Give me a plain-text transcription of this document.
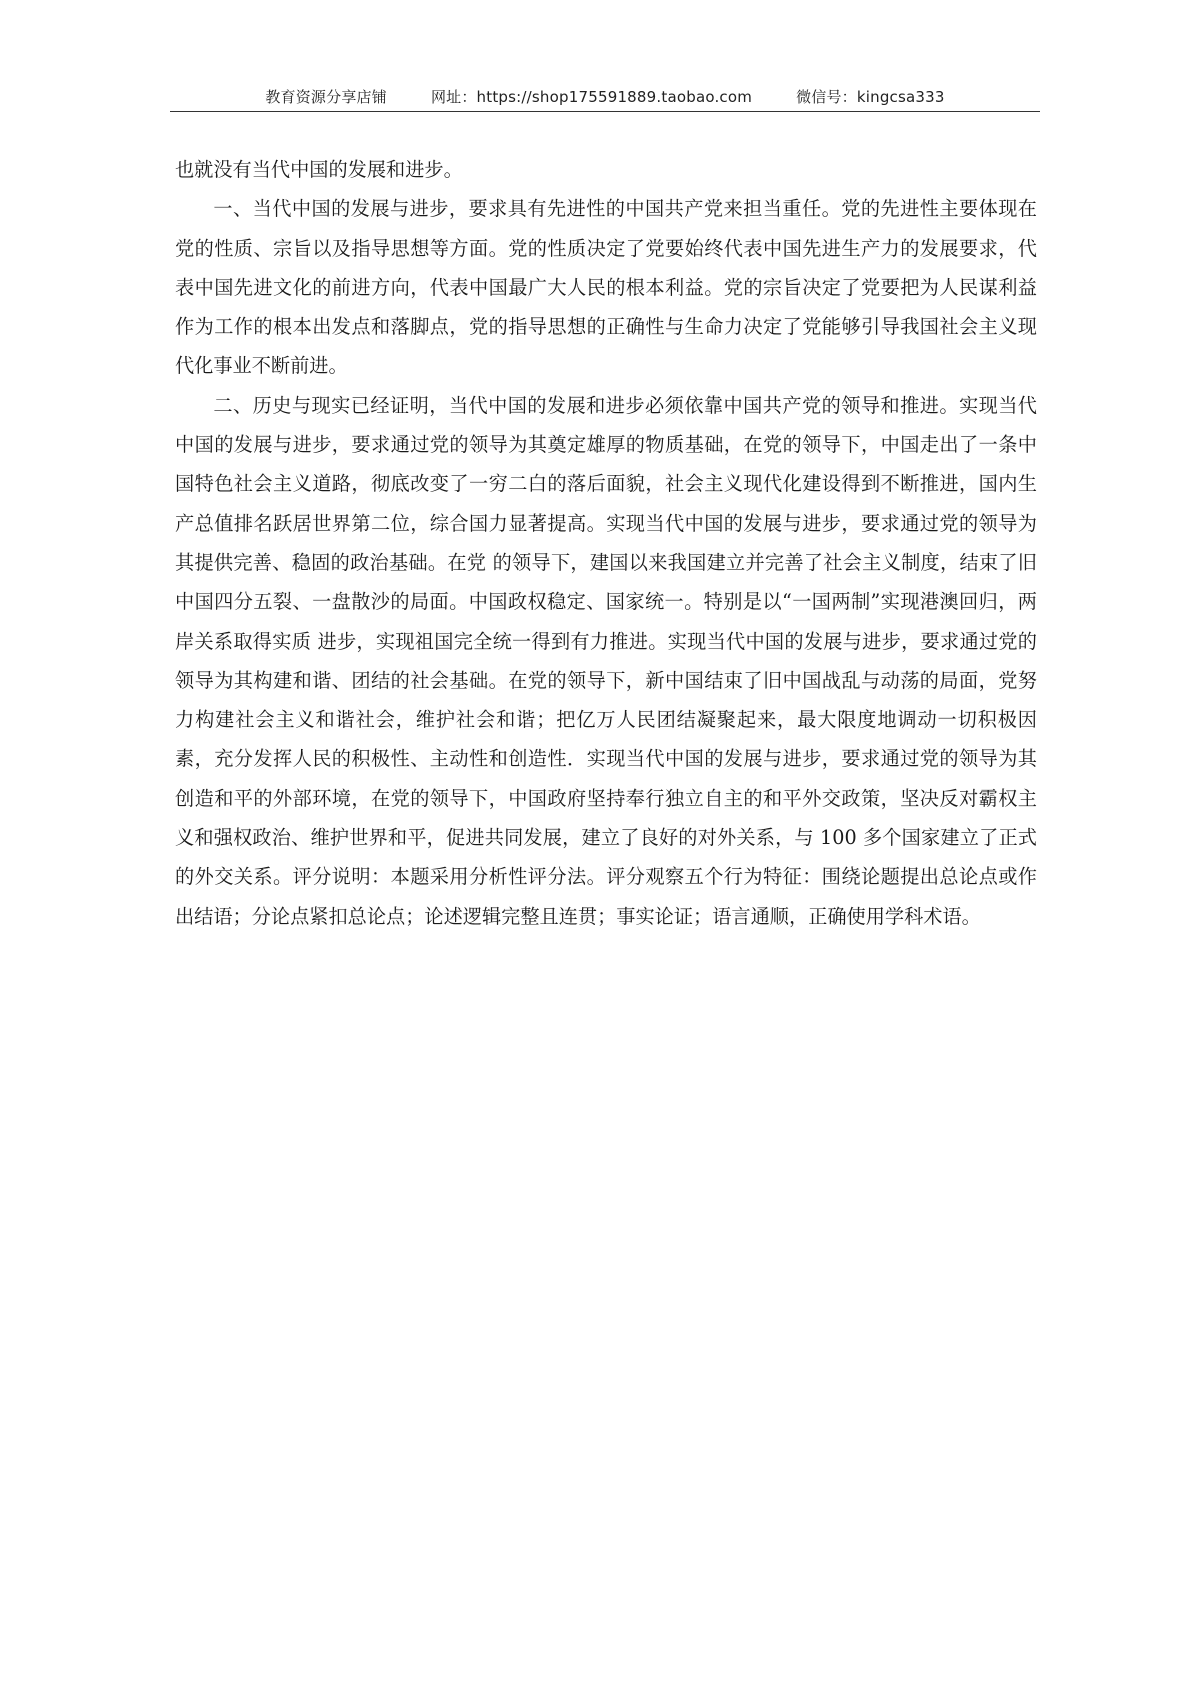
教育资源分享店铺	网址：https://shop175591889.taobao.com	微信号：kingcsa333

也就没有当代中国的发展和进步。

一、当代中国的发展与进步，要求具有先进性的中国共产党来担当重任。党的先进性主要体现在党的性质、宗旨以及指导思想等方面。党的性质决定了党要始终代表中国先进生产力的发展要求，代表中国先进文化的前进方向，代表中国最广大人民的根本利益。党的宗旨决定了党要把为人民谋利益作为工作的根本出发点和落脚点，党的指导思想的正确性与生命力决定了党能够引导我国社会主义现代化事业不断前进。

二、历史与现实已经证明，当代中国的发展和进步必须依靠中国共产党的领导和推进。实现当代中国的发展与进步，要求通过党的领导为其奠定雄厚的物质基础，在党的领导下，中国走出了一条中国特色社会主义道路，彻底改变了一穷二白的落后面貌，社会主义现代化建设得到不断推进，国内生产总值排名跃居世界第二位，综合国力显著提高。实现当代中国的发展与进步，要求通过党的领导为其提供完善、稳固的政治基础。在党 的领导下，建国以来我国建立并完善了社会主义制度，结束了旧中国四分五裂、一盘散沙的局面。中国政权稳定、国家统一。特别是以“一国两制”实现港澳回归，两岸关系取得实质 进步，实现祖国完全统一得到有力推进。实现当代中国的发展与进步，要求通过党的领导为其构建和谐、团结的社会基础。在党的领导下，新中国结束了旧中国战乱与动荡的局面，党努力构建社会主义和谐社会，维护社会和谐；把亿万人民团结凝聚起来，最大限度地调动一切积极因素，充分发挥人民的积极性、主动性和创造性．实现当代中国的发展与进步，要求通过党的领导为其创造和平的外部环境，在党的领导下，中国政府坚持奉行独立自主的和平外交政策，坚决反对霸权主义和强权政治、维护世界和平，促进共同发展，建立了良好的对外关系，与 100 多个国家建立了正式的外交关系。评分说明：本题采用分析性评分法。评分观察五个行为特征：围绕论题提出总论点或作出结语；分论点紧扣总论点；论述逻辑完整且连贯；事实论证；语言通顺，正确使用学科术语。
